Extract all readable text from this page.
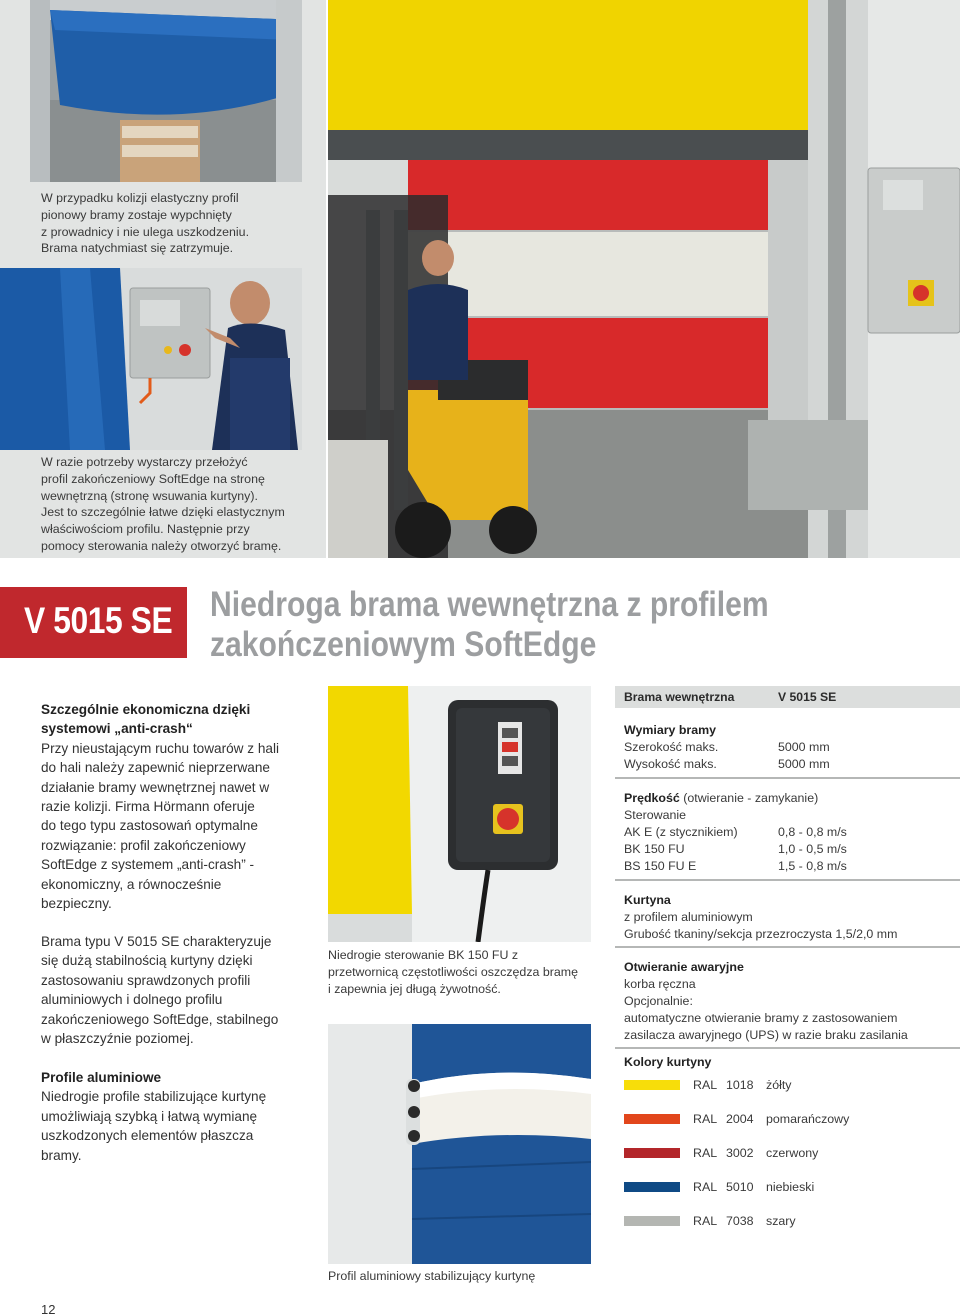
W przypadku kolizji elastyczny profil
pionowy bramy zostaje wypchnięty
z prowadnicy i nie ulega uszkodzeniu.
Brama natychmiast się zatrzymuje.
W razie potrzeby wystarczy przełożyć
profil zakończeniowy SoftEdge na stronę
wewnętrzną (stronę wsuwania kurtyny).
Jest to szczególnie łatwe dzięki elastycznym
właściwościom profilu. Następnie przy
pomocy sterowania należy otworzyć bramę.
V 5015 SE Niedroga brama wewnętrzna z profilem
zakończeniowym SoftEdge
Szczególnie ekonomiczna dzięki
systemowi „anti-crash“
Przy nieustającym ruchu towarów z hali
do hali należy zapewnić nieprzerwane
działanie bramy wewnętrznej nawet w
razie kolizji. Firma Hörmann oferuje
do tego typu zastosowań optymalne
rozwiązanie: profil zakończeniowy
SoftEdge z systemem „anti-crash” -
ekonomiczny, a równocześnie
bezpieczny.
Brama typu V 5015 SE charakteryzuje
się dużą stabilnością kurtyny dzięki
zastosowaniu sprawdzonych profili
aluminiowych i dolnego profilu
zakończeniowego SoftEdge, stabilnego
w płaszczyźnie poziomej.
Profile aluminiowe
Niedrogie profile stabilizujące kurtynę
umożliwiają szybką i łatwą wymianę
uszkodzonych elementów płaszcza
bramy.
Niedrogie sterowanie BK 150 FU z
przetwornicą częstotliwości oszczędza bramę
i zapewnia jej długą żywotność.
Profil aluminiowy stabilizujący kurtynę
Brama wewnętrzna	V 5015 SE
Wymiary bramy
Szerokość maks.	5000 mm
Wysokość maks.	5000 mm
Prędkość (otwieranie - zamykanie)
Sterowanie
AK E (z stycznikiem)	0,8 - 0,8 m/s
BK 150 FU	1,0 - 0,5 m/s
BS 150 FU E	1,5 - 0,8 m/s
Kurtyna
z profilem aluminiowym
Grubość tkaniny/sekcja przezroczysta 1,5/2,0 mm
Otwieranie awaryjne
korba ręczna
Opcjonalnie:
automatyczne otwieranie bramy z zastosowaniem
zasilacza awaryjnego (UPS) w razie braku zasilania
Kolory kurtyny
RAL 1018 żółty
RAL 2004 pomarańczowy
RAL 3002 czerwony
RAL 5010 niebieski
RAL 7038 szary
12
